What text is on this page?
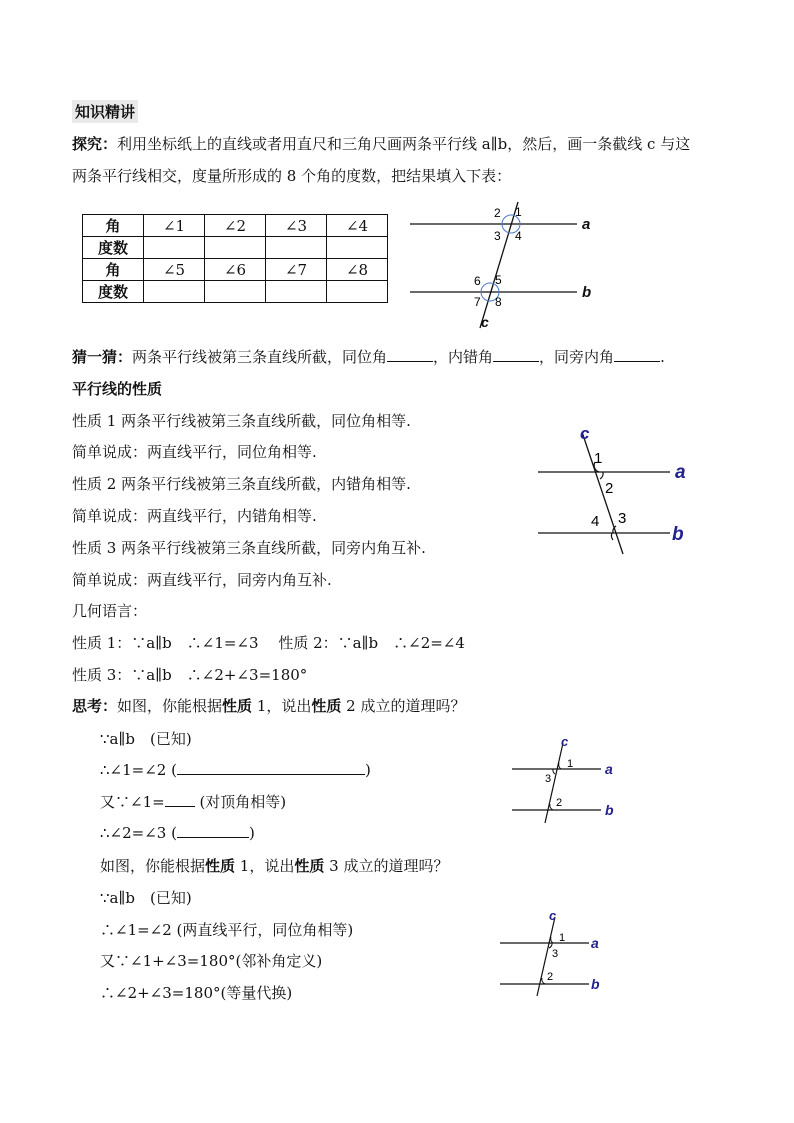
知识精讲
探究：利用坐标纸上的直线或者用直尺和三角尺画两条平行线 a∥b，然后，画一条截线 c 与这
两条平行线相交，度量所形成的 8 个角的度数，把结果填入下表：
角	∠1	∠2	∠3	∠4
度数				
角	∠5	∠6	∠7	∠8
度数				
2 1
3 4
6 5
7 8
a
b
c
猜一猜：两条平行线被第三条直线所截，同位角	，内错角	，同旁内角	.
平行线的性质
性质 1 两条平行线被第三条直线所截，同位角相等.
简单说成：两直线平行，同位角相等.
性质 2 两条平行线被第三条直线所截，内错角相等.
简单说成：两直线平行，内错角相等.
性质 3 两条平行线被第三条直线所截，同旁内角互补.
简单说成：两直线平行，同旁内角互补.
几何语言：
性质 1：∵a∥b　∴∠1=∠3　 性质 2：∵a∥b　∴∠2=∠4
性质 3：∵a∥b　∴∠2+∠3=180°
c
1
2
3
4
a
b
思考：如图，你能根据性质 1，说出性质 2 成立的道理吗？
∵a∥b　(已知)
∴∠1=∠2 (	)
又∵∠1= (对顶角相等)
∴∠2=∠3 (	)
c
1
3
2
a
b
如图，你能根据性质 1，说出性质 3 成立的道理吗？
∵a∥b　(已知)
∴∠1=∠2 (两直线平行，同位角相等)
又∵∠1+∠3=180°(邻补角定义)
∴∠2+∠3=180°(等量代换)
c
1
3
2
a
b
